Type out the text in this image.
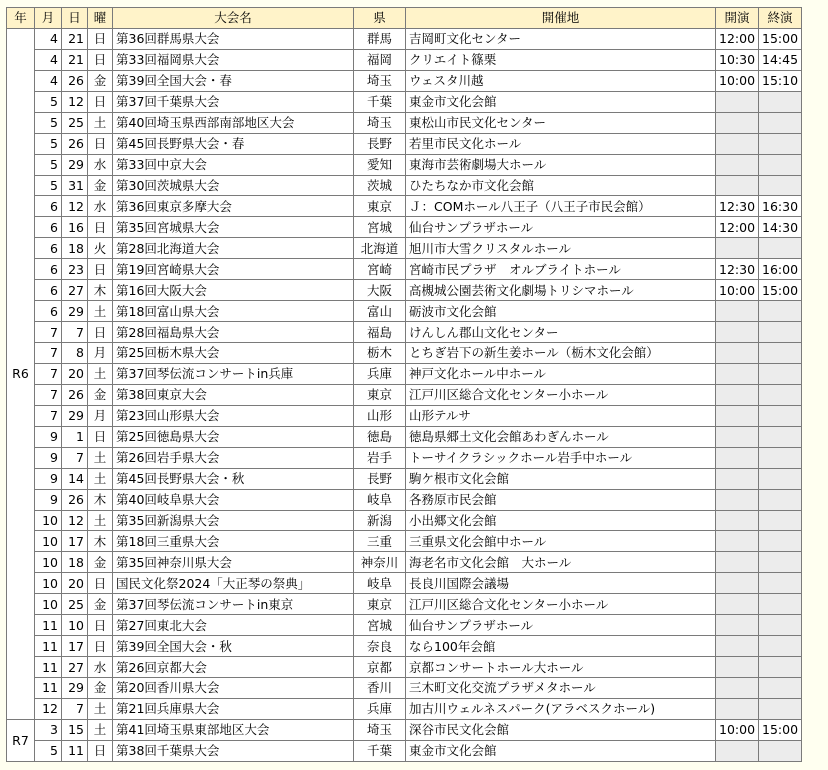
年	月	日	曜	大会名	県	開催地	開演	終演
R6	4	21	日	第36回群馬県大会	群馬	吉岡町文化センター	12:00	15:00
	4	21	日	第33回福岡県大会	福岡	クリエイト篠栗	10:30	14:45
	4	26	金	第39回全国大会・春	埼玉	ウェスタ川越	10:00	15:10
	5	12	日	第37回千葉県大会	千葉	東金市文化会館		
	5	25	土	第40回埼玉県西部南部地区大会	埼玉	東松山市民文化センター		
	5	26	日	第45回長野県大会・春	長野	若里市民文化ホール		
	5	29	水	第33回中京大会	愛知	東海市芸術劇場大ホール		
	5	31	金	第30回茨城県大会	茨城	ひたちなか市文化会館		
	6	12	水	第36回東京多摩大会	東京	Ｊ：COMホール八王子（八王子市民会館）	12:30	16:30
	6	16	日	第35回宮城県大会	宮城	仙台サンプラザホール	12:00	14:30
	6	18	火	第28回北海道大会	北海道	旭川市大雪クリスタルホール		
	6	23	日	第19回宮崎県大会	宮崎	宮崎市民プラザ　オルブライトホール	12:30	16:00
	6	27	木	第16回大阪大会	大阪	高槻城公園芸術文化劇場トリシマホール	10:00	15:00
	6	29	土	第18回富山県大会	富山	砺波市文化会館		
	7	7	日	第28回福島県大会	福島	けんしん郡山文化センター		
	7	8	月	第25回栃木県大会	栃木	とちぎ岩下の新生姜ホール（栃木文化会館）		
	7	20	土	第37回琴伝流コンサートin兵庫	兵庫	神戸文化ホール中ホール		
	7	26	金	第38回東京大会	東京	江戸川区総合文化センター小ホール		
	7	29	月	第23回山形県大会	山形	山形テルサ		
	9	1	日	第25回徳島県大会	徳島	徳島県郷土文化会館あわぎんホール		
	9	7	土	第26回岩手県大会	岩手	トーサイクラシックホール岩手中ホール		
	9	14	土	第45回長野県大会・秋	長野	駒ケ根市文化会館		
	9	26	木	第40回岐阜県大会	岐阜	各務原市民会館		
	10	12	土	第35回新潟県大会	新潟	小出郷文化会館		
	10	17	木	第18回三重県大会	三重	三重県文化会館中ホール		
	10	18	金	第35回神奈川県大会	神奈川	海老名市文化会館　大ホール		
	10	20	日	国民文化祭2024「大正琴の祭典」	岐阜	長良川国際会議場		
	10	25	金	第37回琴伝流コンサートin東京	東京	江戸川区総合文化センター小ホール		
	11	10	日	第27回東北大会	宮城	仙台サンプラザホール		
	11	17	日	第39回全国大会・秋	奈良	なら100年会館		
	11	27	水	第26回京都大会	京都	京都コンサートホール大ホール		
	11	29	金	第20回香川県大会	香川	三木町文化交流プラザメタホール		
	12	7	土	第21回兵庫県大会	兵庫	加古川ウェルネスパーク(アラベスクホール)		
R7	3	15	土	第41回埼玉県東部地区大会	埼玉	深谷市民文化会館	10:00	15:00
	5	11	日	第38回千葉県大会	千葉	東金市文化会館		
